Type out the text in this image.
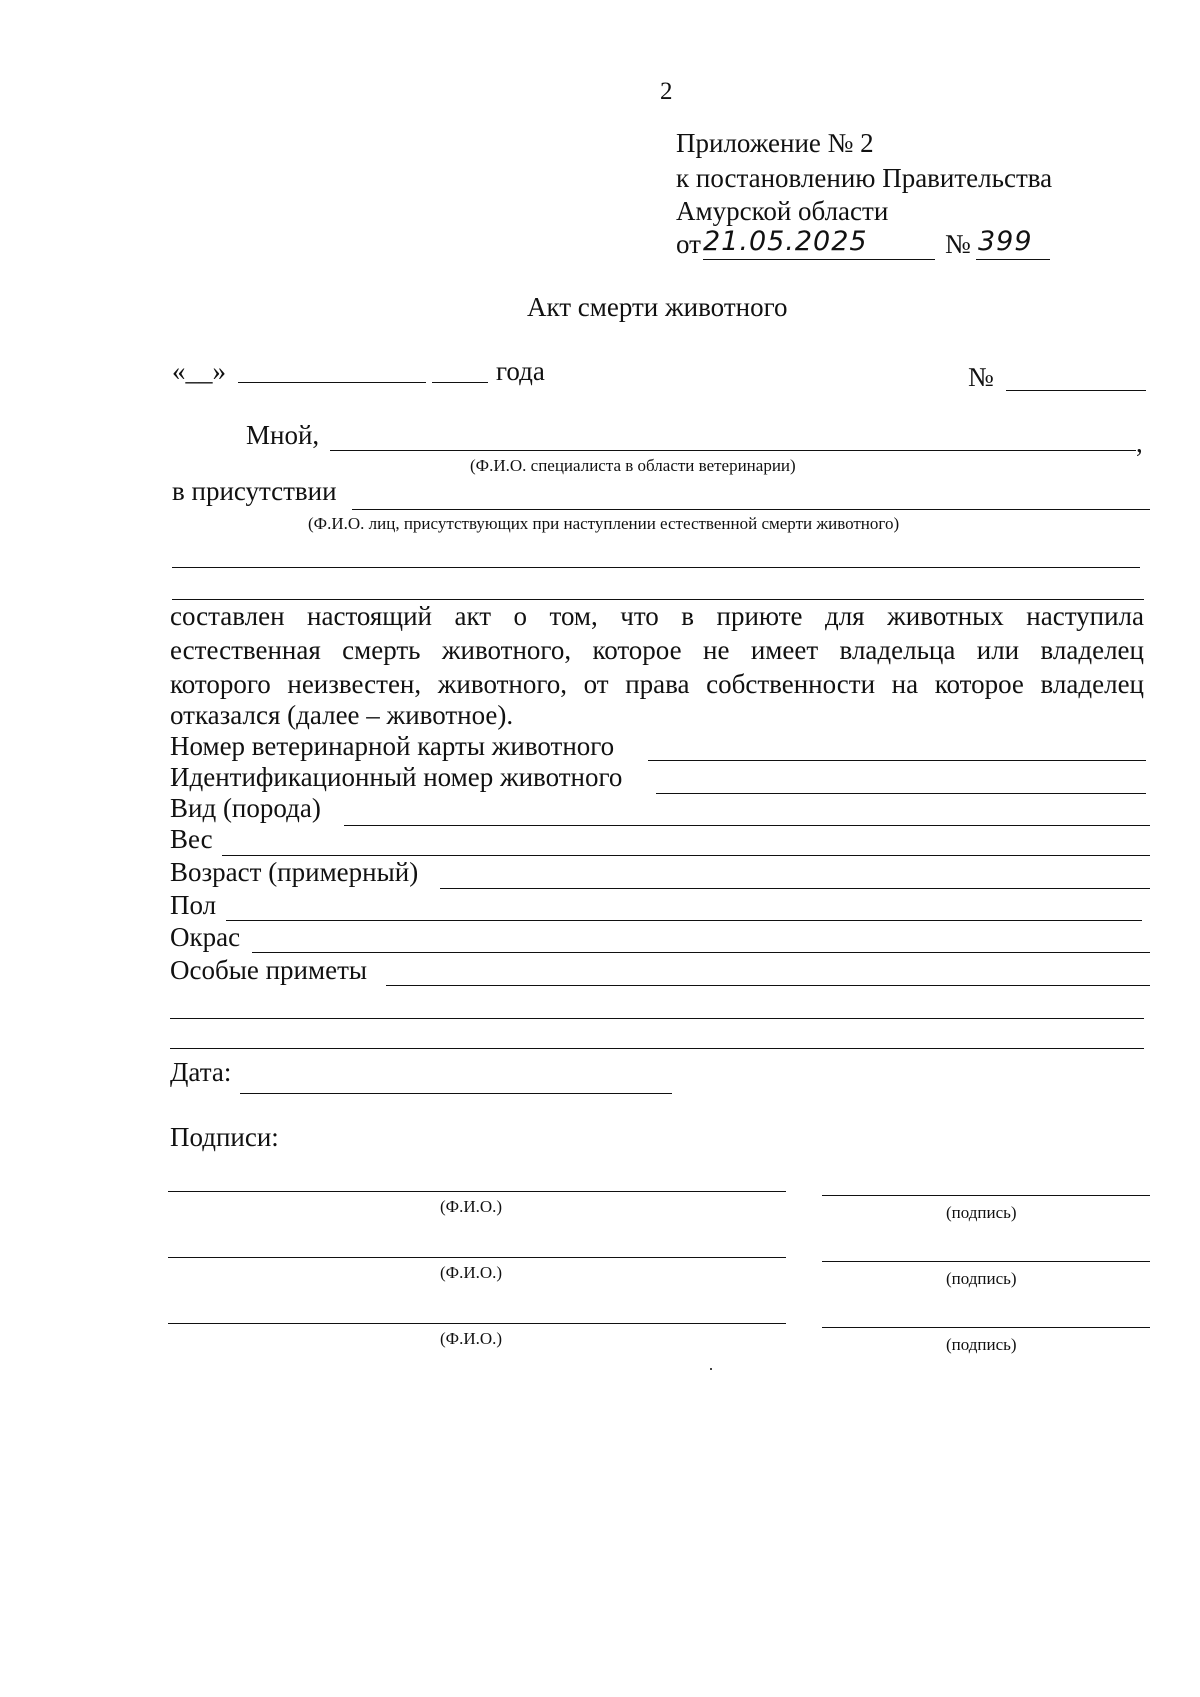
2
Приложение № 2
к постановлению Правительства
Амурской области
от 21.05.2025	№ 399
Акт смерти животного
«__»	года	№
Мной,	,
(Ф.И.О. специалиста в области ветеринарии)
в присутствии
(Ф.И.О. лиц, присутствующих при наступлении естественной смерти животного)
составлен настоящий акт о том, что в приюте для животных наступила
естественная смерть животного, которое не имеет владельца или владелец
которого неизвестен, животного, от права собственности на которое владелец
отказался (далее – животное).
Номер ветеринарной карты животного
Идентификационный номер животного
Вид (порода)
Вес
Возраст (примерный)
Пол
Окрас
Особые приметы
Дата:
Подписи:
(Ф.И.О.)	(подпись)
(Ф.И.О.)	(подпись)
(Ф.И.О.)	(подпись)
